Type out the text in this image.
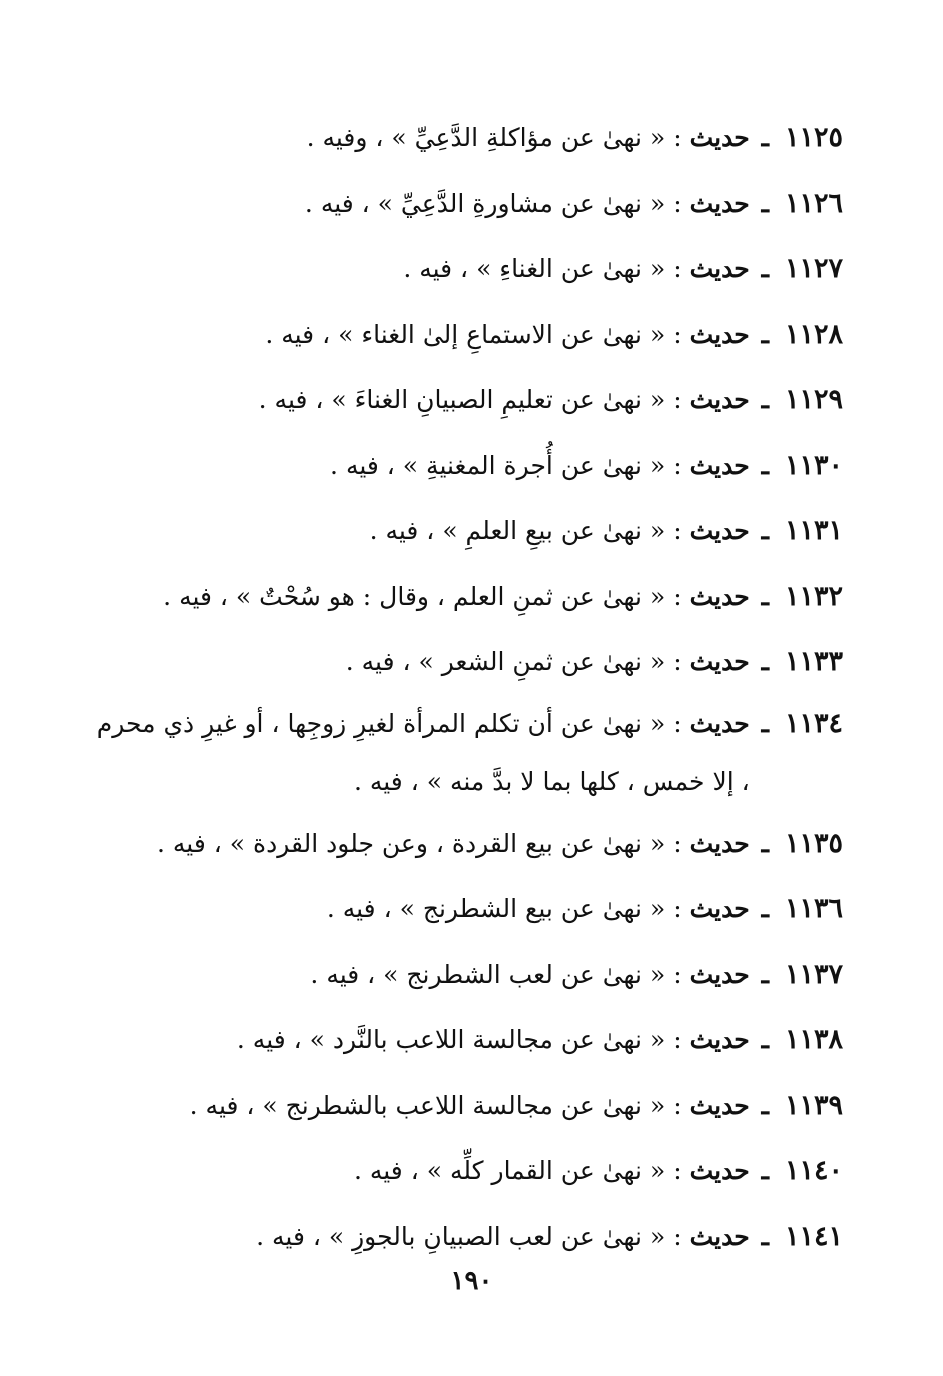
١١٢٥
ـ
حديث : « نهىٰ عن مؤاكلةِ الدَّعِيِّ » ، وفيه .
١١٢٦
ـ
حديث : « نهىٰ عن مشاورةِ الدَّعِيِّ » ، فيه .
١١٢٧
ـ
حديث : « نهىٰ عن الغناءِ » ، فيه .
١١٢٨
ـ
حديث : « نهىٰ عن الاستماعِ إلىٰ الغناء » ، فيه .
١١٢٩
ـ
حديث : « نهىٰ عن تعليمِ الصبيانِ الغناءَ » ، فيه .
١١٣٠
ـ
حديث : « نهىٰ عن أُجرة المغنيةِ » ، فيه .
١١٣١
ـ
حديث : « نهىٰ عن بيعِ العلمِ » ، فيه .
١١٣٢
ـ
حديث : « نهىٰ عن ثمنِ العلم ، وقال : هو سُحْتٌ » ، فيه .
١١٣٣
ـ
حديث : « نهىٰ عن ثمنِ الشعر » ، فيه .
١١٣٤
ـ
حديث : « نهىٰ عن أن تكلم المرأة لغيرِ زوجِها ، أو غيرِ ذي محرم ، إلا خمس ، كلها بما لا بدَّ منه » ، فيه .
١١٣٥
ـ
حديث : « نهىٰ عن بيع القردة ، وعن جلود القردة » ، فيه .
١١٣٦
ـ
حديث : « نهىٰ عن بيع الشطرنج » ، فيه .
١١٣٧
ـ
حديث : « نهىٰ عن لعب الشطرنج » ، فيه .
١١٣٨
ـ
حديث : « نهىٰ عن مجالسة اللاعب بالنَّرد » ، فيه .
١١٣٩
ـ
حديث : « نهىٰ عن مجالسة اللاعب بالشطرنج » ، فيه .
١١٤٠
ـ
حديث : « نهىٰ عن القمار كلِّه » ، فيه .
١١٤١
ـ
حديث : « نهىٰ عن لعب الصبيانِ بالجوزِ » ، فيه .
١٩٠
